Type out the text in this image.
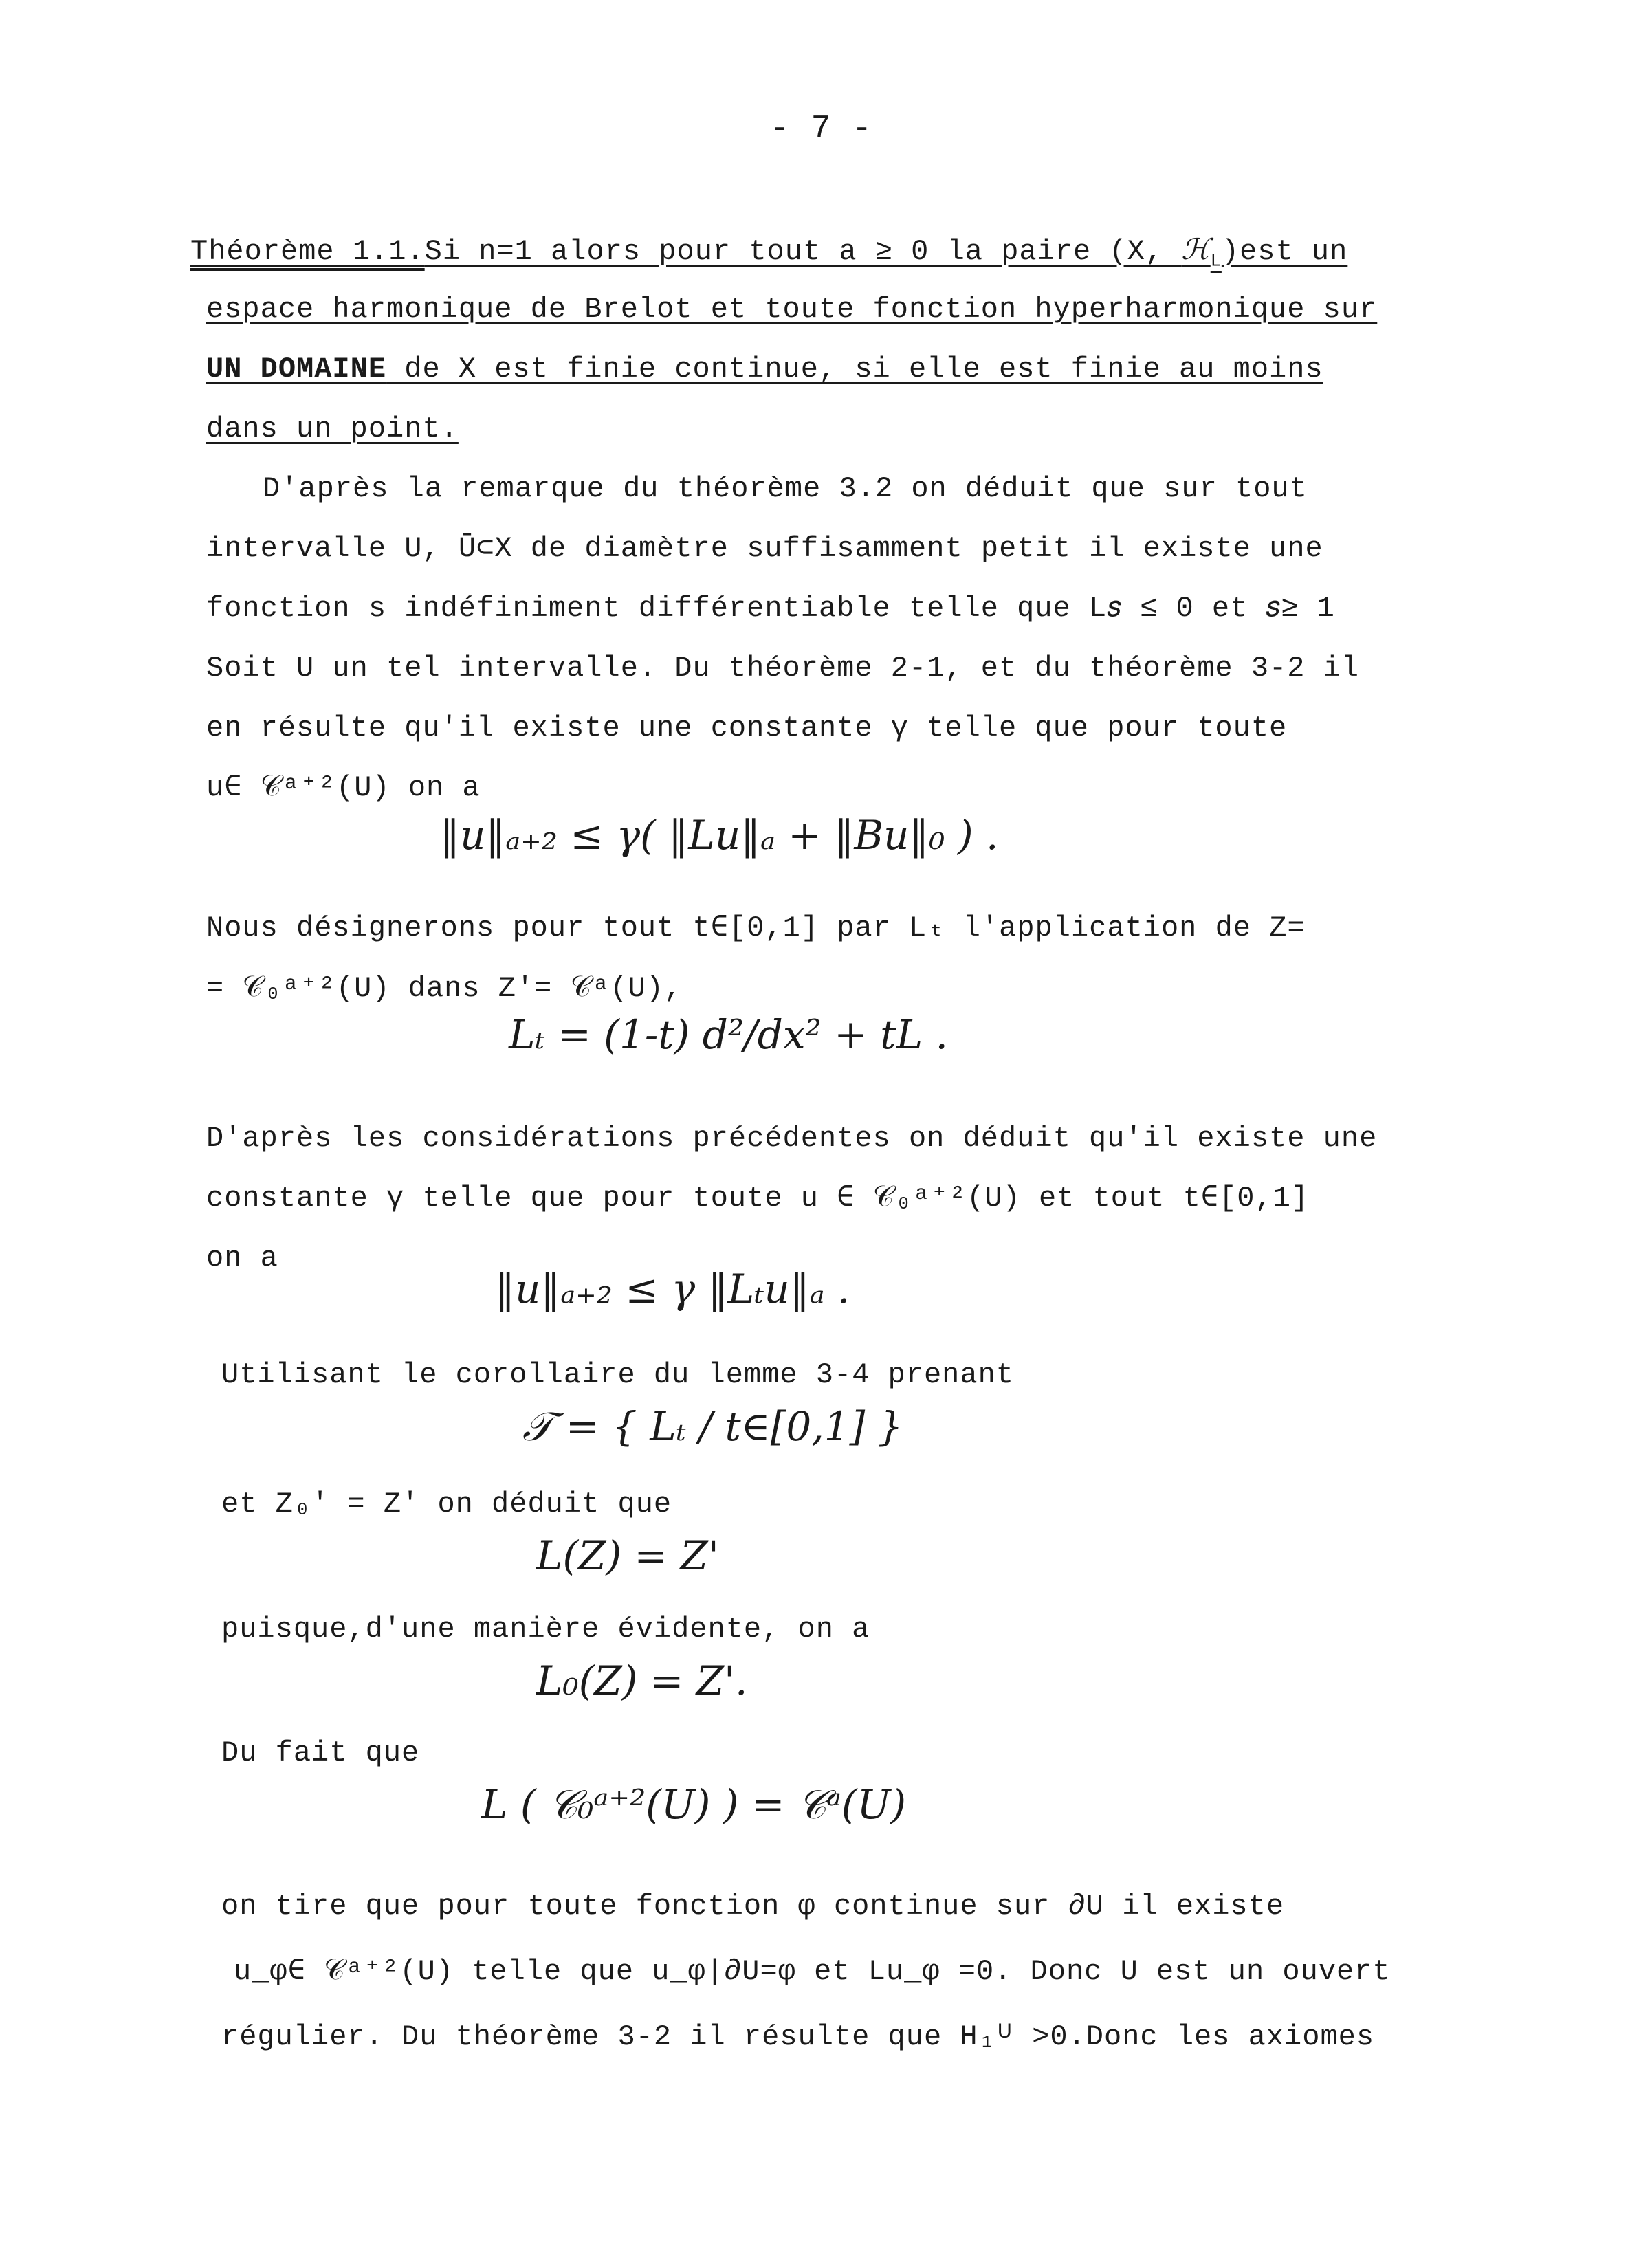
- 7 -
Théorème 1.1.Si n=1 alors pour tout a ≥ 0 la paire (X, ℋ$_L$)est un
espace harmonique de Brelot et toute fonction hyperharmonique sur
UN DOMAINE de X est finie continue, si elle est finie au moins
dans un point.
D'après la remarque du théorème 3.2 on déduit que sur tout
intervalle U, Ū⊂X de diamètre suffisamment petit il existe une
fonction s indéfiniment différentiable telle que L𝑠 ≤ 0 et 𝑠≥ 1
Soit U un tel intervalle. Du théorème 2-1, et du théorème 3-2 il
en résulte qu'il existe une constante γ telle que pour toute
u∈ 𝒞ᵃ⁺²(U) on a
‖u‖ₐ₊₂ ≤ γ( ‖Lu‖ₐ + ‖Bu‖₀ ) .
Nous désignerons pour tout t∈[0,1] par Lₜ l'application de Z=
= 𝒞₀ᵃ⁺²(U) dans Z'= 𝒞ᵃ(U),
Lₜ = (1-t) d²/dx² + tL .
D'après les considérations précédentes on déduit qu'il existe une
constante γ telle que pour toute u ∈ 𝒞₀ᵃ⁺²(U) et tout t∈[0,1]
on a
‖u‖ₐ₊₂ ≤ γ ‖Lₜu‖ₐ .
Utilisant le corollaire du lemme 3-4 prenant
𝒯 = { Lₜ / t∈[0,1] }
et Z₀' = Z' on déduit que
L(Z) = Z'
puisque,d'une manière évidente, on a
L₀(Z) = Z'.
Du fait que
L ( 𝒞₀ᵃ⁺²(U) ) = 𝒞ᵃ(U)
on tire que pour toute fonction φ continue sur ∂U il existe
u_φ∈ 𝒞ᵃ⁺²(U) telle que u_φ|∂U=φ et Lu_φ =0. Donc U est un ouvert
régulier. Du théorème 3-2 il résulte que H₁ᵁ >0.Donc les axiomes
